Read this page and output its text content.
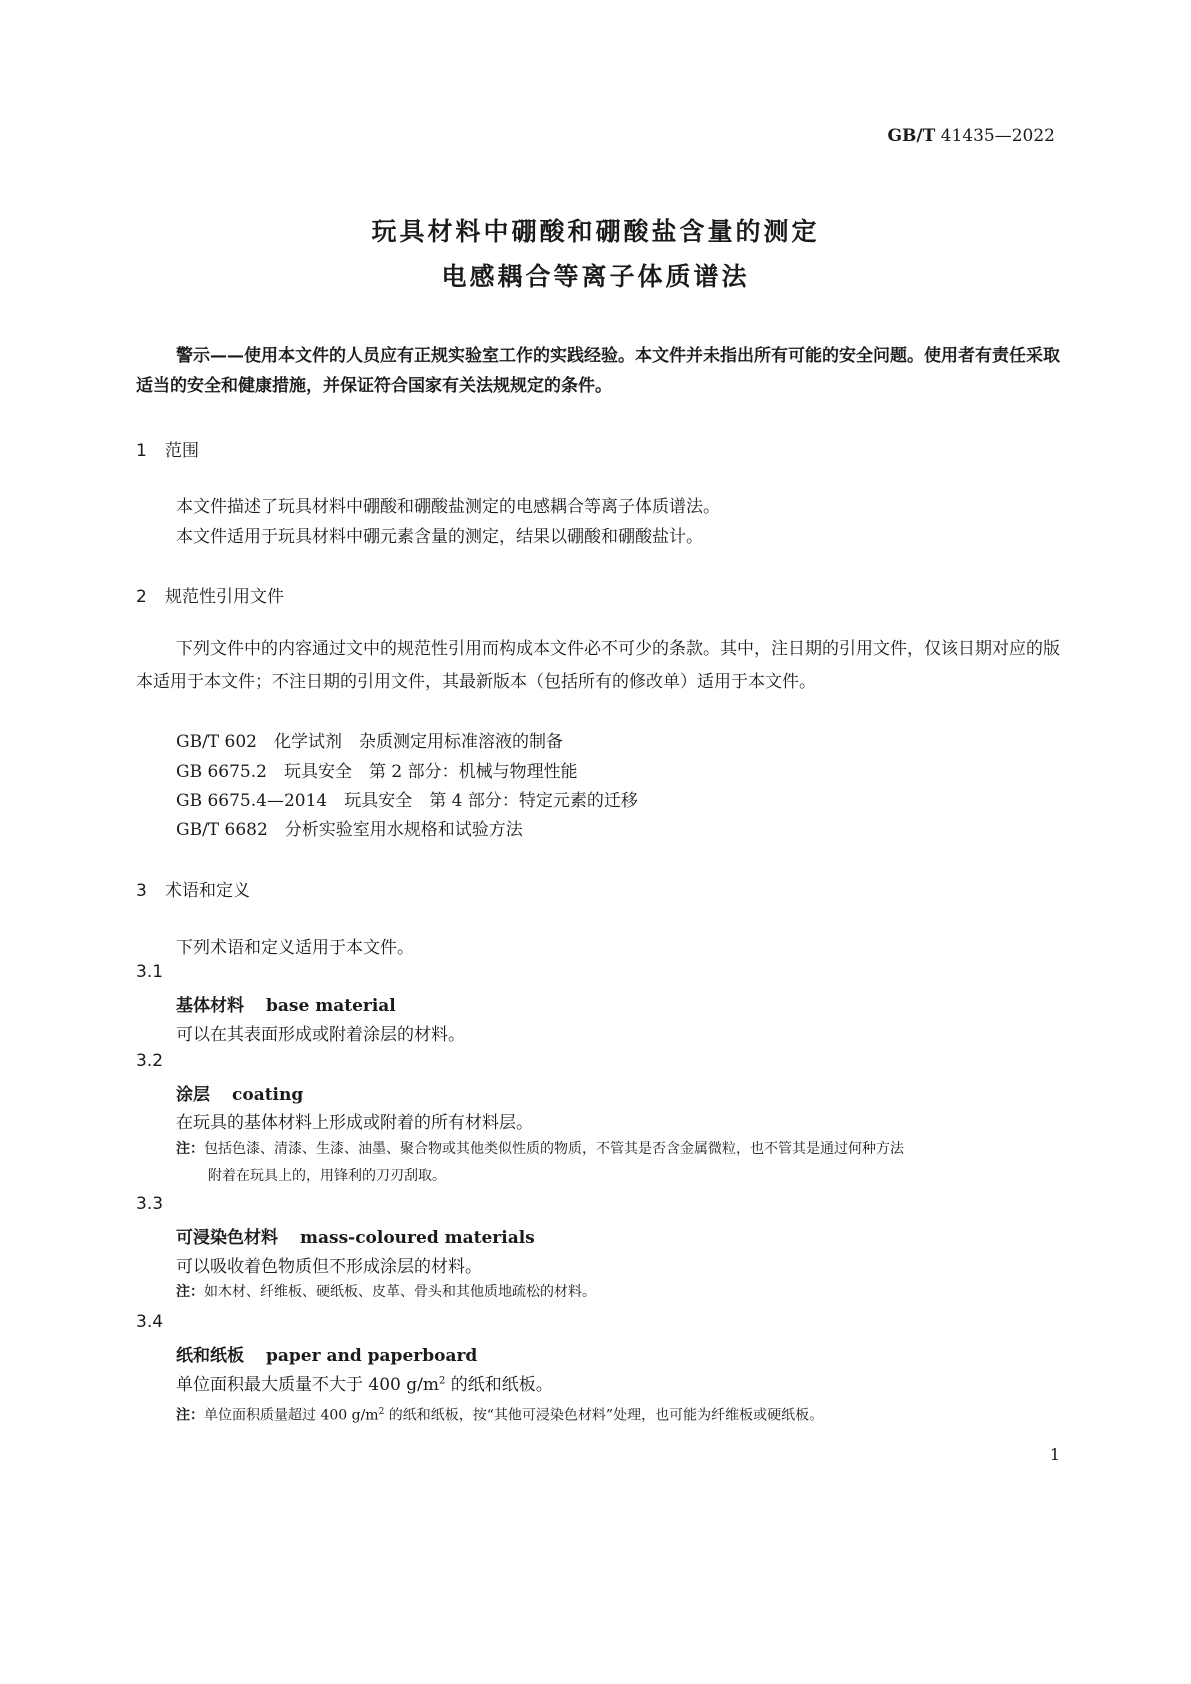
GB/T 41435—2022
玩具材料中硼酸和硼酸盐含量的测定
电感耦合等离子体质谱法
警示——使用本文件的人员应有正规实验室工作的实践经验。本文件并未指出所有可能的安全问题。使用者有责任采取适当的安全和健康措施，并保证符合国家有关法规规定的条件。
1 范围
本文件描述了玩具材料中硼酸和硼酸盐测定的电感耦合等离子体质谱法。
本文件适用于玩具材料中硼元素含量的测定，结果以硼酸和硼酸盐计。
2 规范性引用文件
下列文件中的内容通过文中的规范性引用而构成本文件必不可少的条款。其中，注日期的引用文件，仅该日期对应的版本适用于本文件；不注日期的引用文件，其最新版本（包括所有的修改单）适用于本文件。
GB/T 602　化学试剂　杂质测定用标准溶液的制备
GB 6675.2　玩具安全　第 2 部分：机械与物理性能
GB 6675.4—2014　玩具安全　第 4 部分：特定元素的迁移
GB/T 6682　分析实验室用水规格和试验方法
3 术语和定义
下列术语和定义适用于本文件。
3.1
基体材料 base material
可以在其表面形成或附着涂层的材料。
3.2
涂层 coating
在玩具的基体材料上形成或附着的所有材料层。
注：包括色漆、清漆、生漆、油墨、聚合物或其他类似性质的物质，不管其是否含金属微粒，也不管其是通过何种方法
附着在玩具上的，用锋利的刀刃刮取。
3.3
可浸染色材料 mass-coloured materials
可以吸收着色物质但不形成涂层的材料。
注：如木材、纤维板、硬纸板、皮革、骨头和其他质地疏松的材料。
3.4
纸和纸板 paper and paperboard
单位面积最大质量不大于 400 $g/m^2$ 的纸和纸板。
注：单位面积质量超过 400 $g/m^2$ 的纸和纸板，按“其他可浸染色材料”处理，也可能为纤维板或硬纸板。
1
